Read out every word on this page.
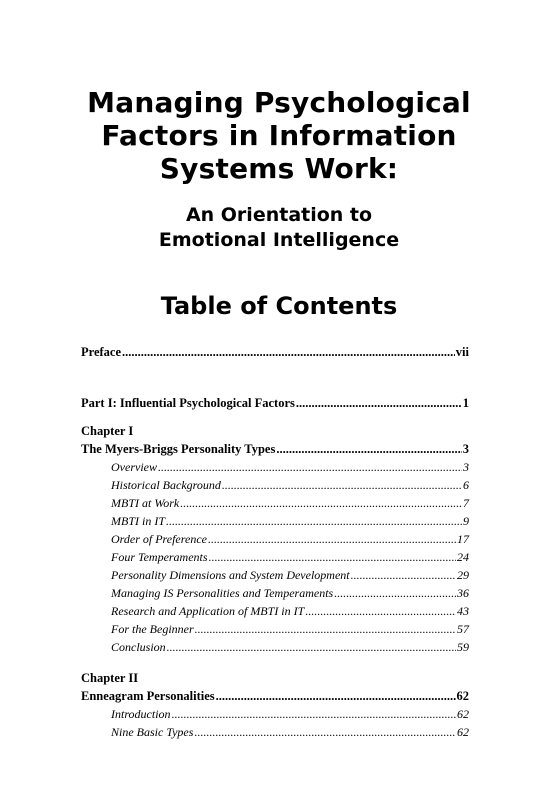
Managing Psychological
Factors in Information
Systems Work:
An Orientation to
Emotional Intelligence
Table of Contents
Preface .....	vii
Part I: Influential Psychological Factors .....	1
Chapter I
The Myers-Briggs Personality Types .....	3
Overview .....	3
Historical Background .....	6
MBTI at Work .....	7
MBTI in IT .....	9
Order of Preference .....	17
Four Temperaments .....	24
Personality Dimensions and System Development .....	29
Managing IS Personalities and Temperaments .....	36
Research and Application of MBTI in IT .....	43
For the Beginner .....	57
Conclusion .....	59
Chapter II
Enneagram Personalities .....	62
Introduction .....	62
Nine Basic Types .....	62
